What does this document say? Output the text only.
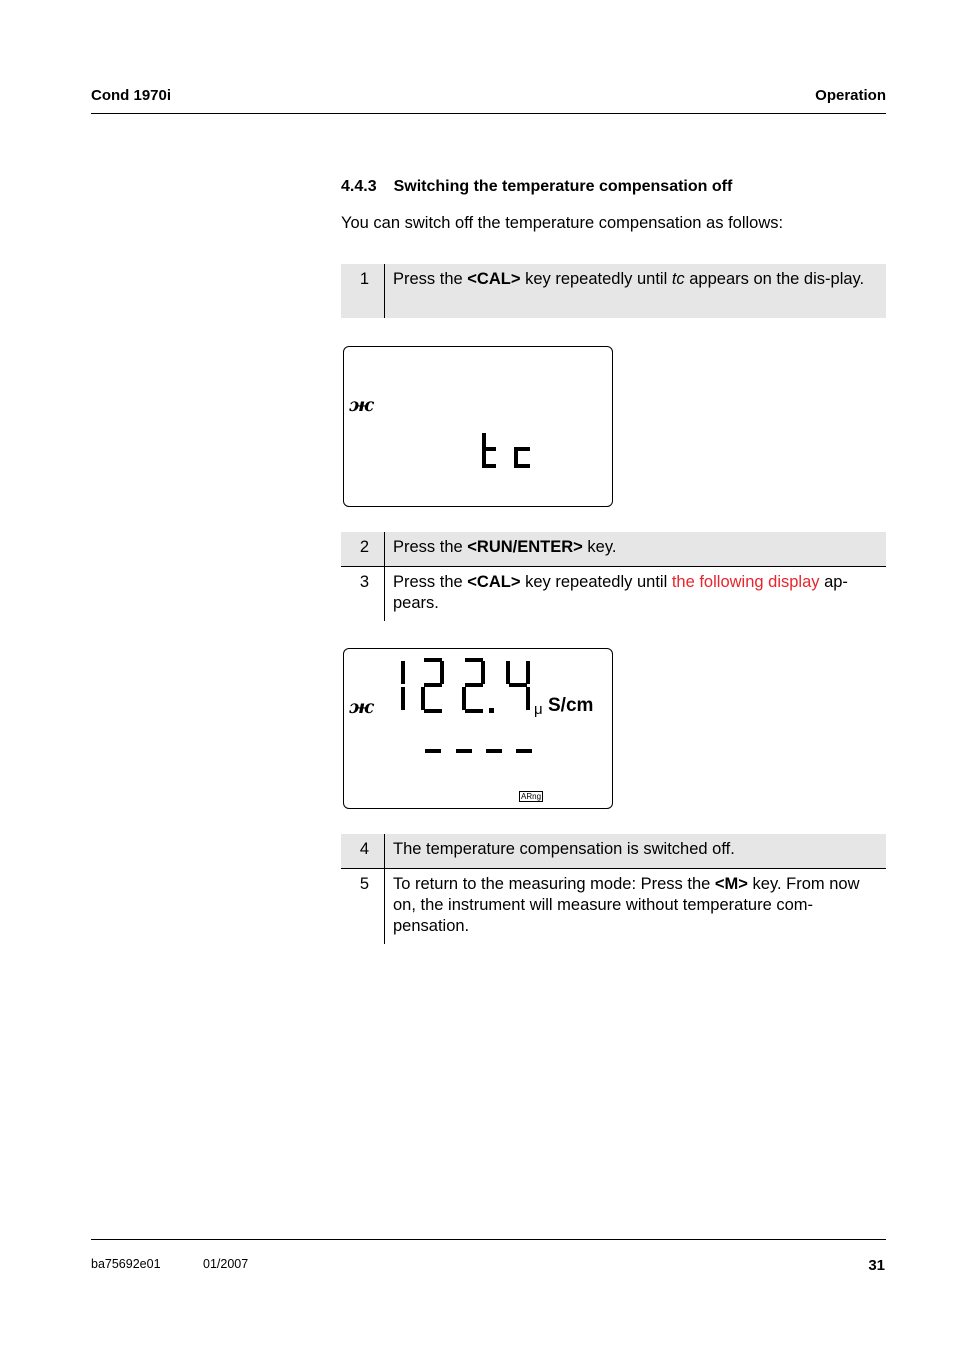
Cond 1970i	Operation
4.4.3 Switching the temperature compensation off
You can switch off the temperature compensation as follows:
1 Press the <CAL> key repeatedly until tc appears on the dis-play.
ж
2 Press the <RUN/ENTER> key.
3 Press the <CAL> key repeatedly until the following display ap-pears.
ж	μ S/cm
ARng
4 The temperature compensation is switched off.
5 To return to the measuring mode: Press the <M> key. From now on, the instrument will measure without temperature com-pensation.
ba75692e01	01/2007	31
